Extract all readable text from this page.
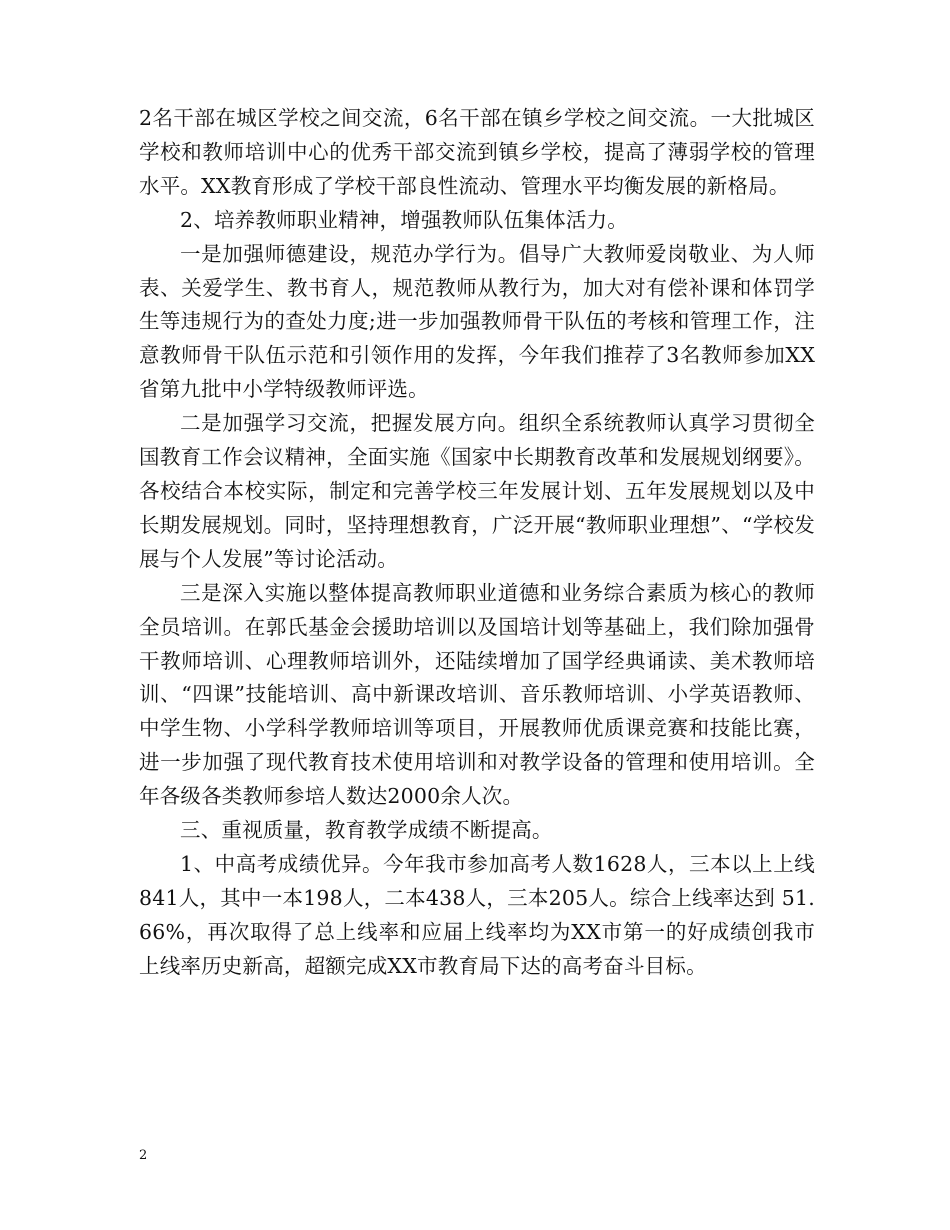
2名干部在城区学校之间交流，6名干部在镇乡学校之间交流。一大批城区学校和教师培训中心的优秀干部交流到镇乡学校，提高了薄弱学校的管理水平。XX教育形成了学校干部良性流动、管理水平均衡发展的新格局。

2、培养教师职业精神，增强教师队伍集体活力。

一是加强师德建设，规范办学行为。倡导广大教师爱岗敬业、为人师表、关爱学生、教书育人，规范教师从教行为，加大对有偿补课和体罚学生等违规行为的查处力度;进一步加强教师骨干队伍的考核和管理工作，注意教师骨干队伍示范和引领作用的发挥，今年我们推荐了3名教师参加XX省第九批中小学特级教师评选。

二是加强学习交流，把握发展方向。组织全系统教师认真学习贯彻全国教育工作会议精神，全面实施《国家中长期教育改革和发展规划纲要》。各校结合本校实际，制定和完善学校三年发展计划、五年发展规划以及中长期发展规划。同时，坚持理想教育，广泛开展“教师职业理想”、“学校发展与个人发展”等讨论活动。

三是深入实施以整体提高教师职业道德和业务综合素质为核心的教师全员培训。在郭氏基金会援助培训以及国培计划等基础上，我们除加强骨干教师培训、心理教师培训外，还陆续增加了国学经典诵读、美术教师培训、“四课”技能培训、高中新课改培训、音乐教师培训、小学英语教师、中学生物、小学科学教师培训等项目，开展教师优质课竞赛和技能比赛，进一步加强了现代教育技术使用培训和对教学设备的管理和使用培训。全年各级各类教师参培人数达2000余人次。

三、重视质量，教育教学成绩不断提高。

1、中高考成绩优异。今年我市参加高考人数1628人，三本以上上线841人，其中一本198人，二本438人，三本205人。综合上线率达到 51.66%，再次取得了总上线率和应届上线率均为XX市第一的好成绩创我市上线率历史新高，超额完成XX市教育局下达的高考奋斗目标。

2
